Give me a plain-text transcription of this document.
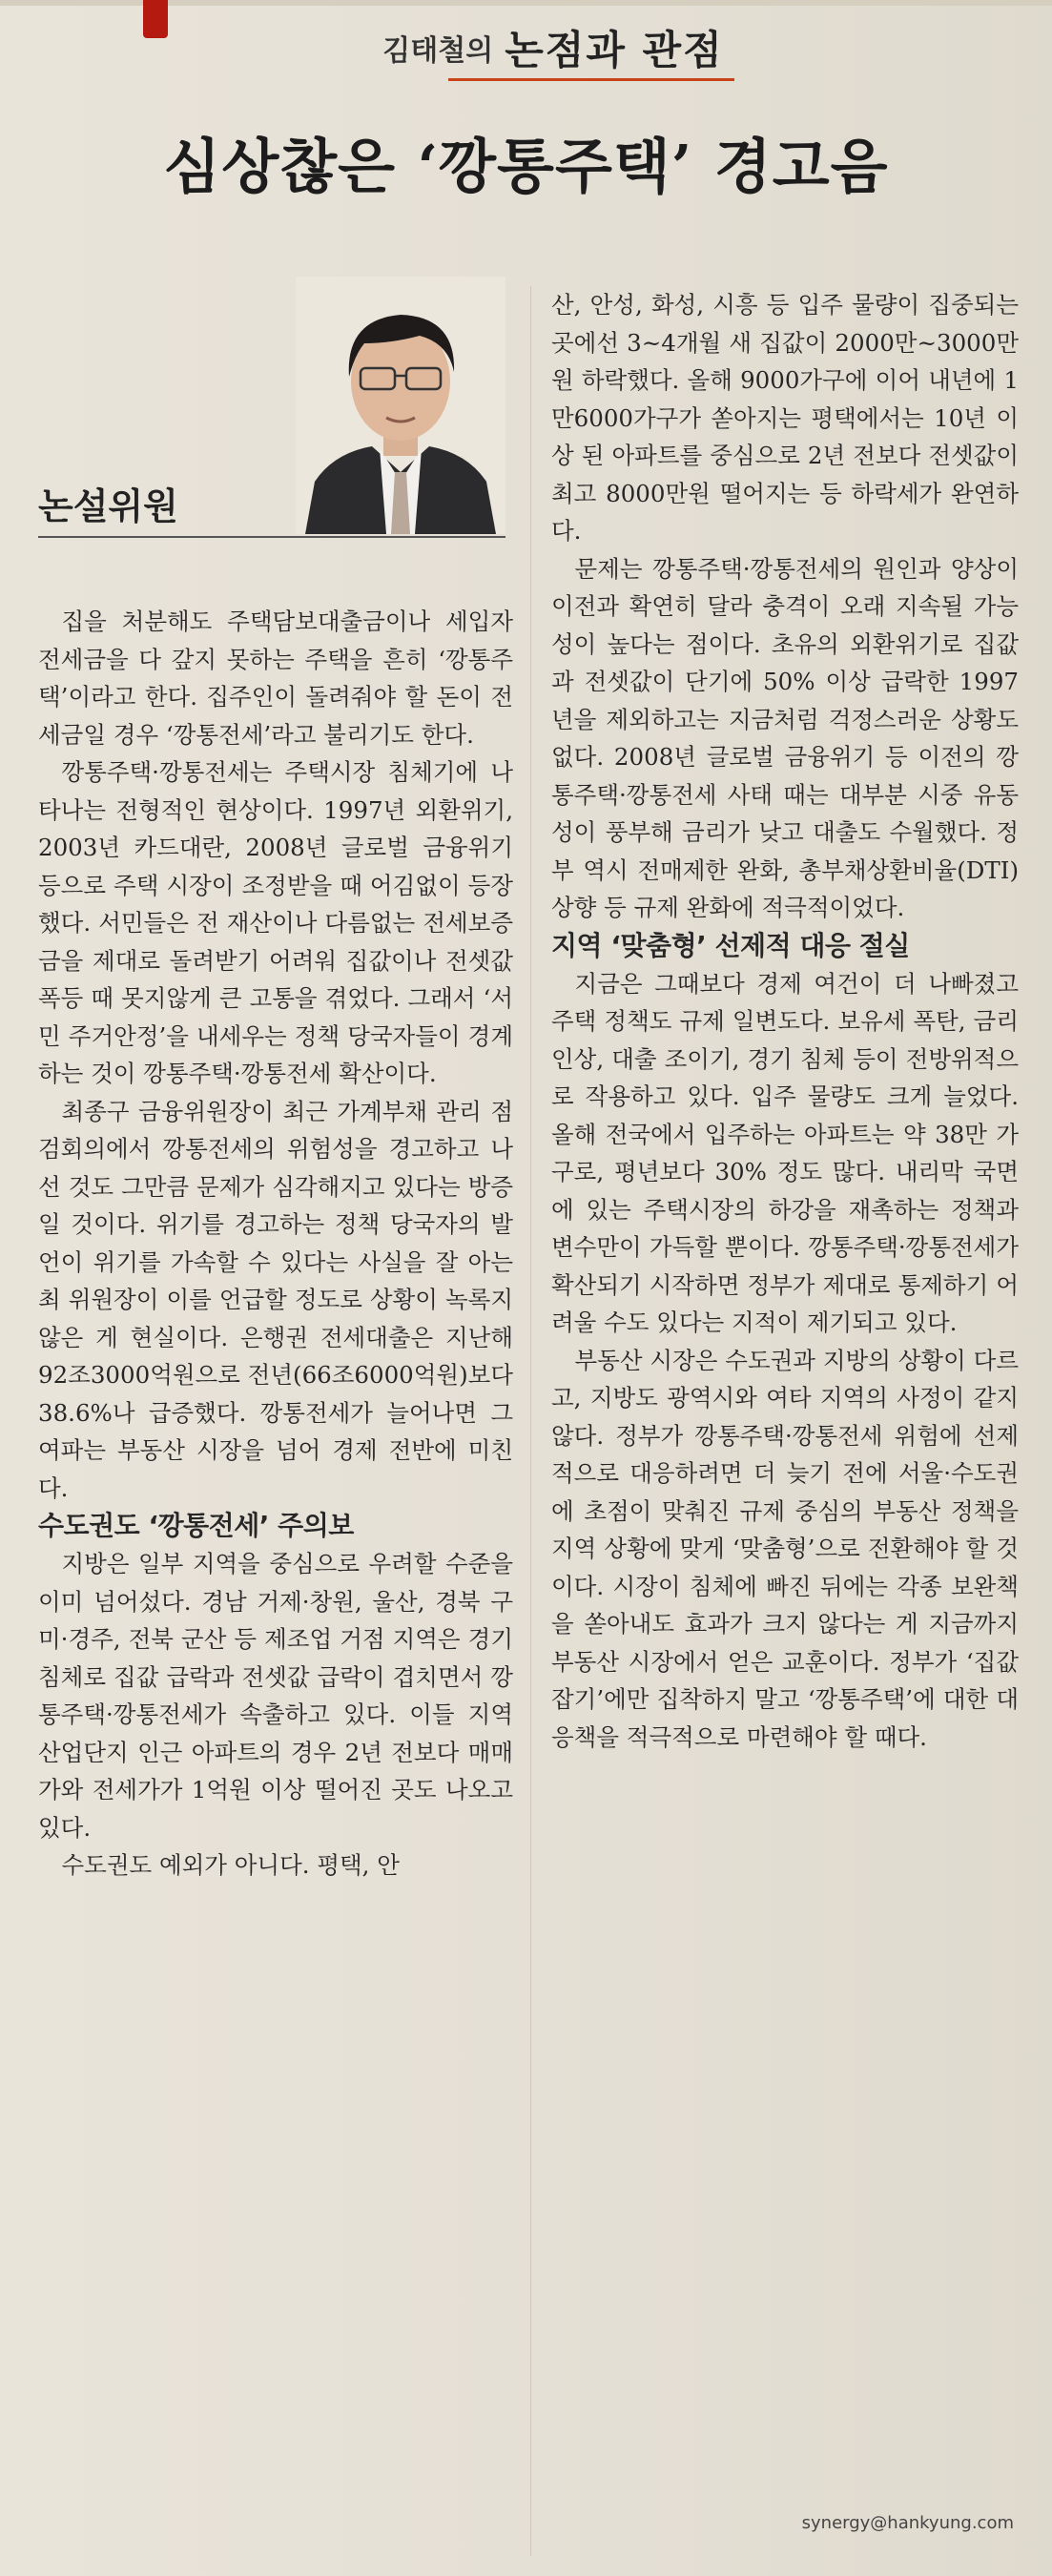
김태철의 논점과 관점
심상찮은 ‘깡통주택’ 경고음
논설위원

집을 처분해도 주택담보대출금이나 세입자 전세금을 다 갚지 못하는 주택을 흔히 ‘깡통주택’이라고 한다. 집주인이 돌려줘야 할 돈이 전세금일 경우 ‘깡통전세’라고 불리기도 한다.

깡통주택·깡통전세는 주택시장 침체기에 나타나는 전형적인 현상이다. 1997년 외환위기, 2003년 카드대란, 2008년 글로벌 금융위기 등으로 주택 시장이 조정받을 때 어김없이 등장했다. 서민들은 전 재산이나 다름없는 전세보증금을 제대로 돌려받기 어려워 집값이나 전셋값 폭등 때 못지않게 큰 고통을 겪었다. 그래서 ‘서민 주거안정’을 내세우는 정책 당국자들이 경계하는 것이 깡통주택·깡통전세 확산이다.

최종구 금융위원장이 최근 가계부채 관리 점검회의에서 깡통전세의 위험성을 경고하고 나선 것도 그만큼 문제가 심각해지고 있다는 방증일 것이다. 위기를 경고하는 정책 당국자의 발언이 위기를 가속할 수 있다는 사실을 잘 아는 최 위원장이 이를 언급할 정도로 상황이 녹록지 않은 게 현실이다. 은행권 전세대출은 지난해 92조3000억원으로 전년(66조6000억원)보다 38.6%나 급증했다. 깡통전세가 늘어나면 그 여파는 부동산 시장을 넘어 경제 전반에 미친다.

수도권도 ‘깡통전세’ 주의보

지방은 일부 지역을 중심으로 우려할 수준을 이미 넘어섰다. 경남 거제·창원, 울산, 경북 구미·경주, 전북 군산 등 제조업 거점 지역은 경기침체로 집값 급락과 전셋값 급락이 겹치면서 깡통주택·깡통전세가 속출하고 있다. 이들 지역 산업단지 인근 아파트의 경우 2년 전보다 매매가와 전세가가 1억원 이상 떨어진 곳도 나오고 있다.

수도권도 예외가 아니다. 평택, 안

산, 안성, 화성, 시흥 등 입주 물량이 집중되는 곳에선 3~4개월 새 집값이 2000만~3000만원 하락했다. 올해 9000가구에 이어 내년에 1만6000가구가 쏟아지는 평택에서는 10년 이상 된 아파트를 중심으로 2년 전보다 전셋값이 최고 8000만원 떨어지는 등 하락세가 완연하다.

문제는 깡통주택·깡통전세의 원인과 양상이 이전과 확연히 달라 충격이 오래 지속될 가능성이 높다는 점이다. 초유의 외환위기로 집값과 전셋값이 단기에 50% 이상 급락한 1997년을 제외하고는 지금처럼 걱정스러운 상황도 없다. 2008년 글로벌 금융위기 등 이전의 깡통주택·깡통전세 사태 때는 대부분 시중 유동성이 풍부해 금리가 낮고 대출도 수월했다. 정부 역시 전매제한 완화, 총부채상환비율(DTI) 상향 등 규제 완화에 적극적이었다.

지역 ‘맞춤형’ 선제적 대응 절실

지금은 그때보다 경제 여건이 더 나빠졌고 주택 정책도 규제 일변도다. 보유세 폭탄, 금리 인상, 대출 조이기, 경기 침체 등이 전방위적으로 작용하고 있다. 입주 물량도 크게 늘었다. 올해 전국에서 입주하는 아파트는 약 38만 가구로, 평년보다 30% 정도 많다. 내리막 국면에 있는 주택시장의 하강을 재촉하는 정책과 변수만이 가득할 뿐이다. 깡통주택·깡통전세가 확산되기 시작하면 정부가 제대로 통제하기 어려울 수도 있다는 지적이 제기되고 있다.

부동산 시장은 수도권과 지방의 상황이 다르고, 지방도 광역시와 여타 지역의 사정이 같지 않다. 정부가 깡통주택·깡통전세 위험에 선제적으로 대응하려면 더 늦기 전에 서울·수도권에 초점이 맞춰진 규제 중심의 부동산 정책을 지역 상황에 맞게 ‘맞춤형’으로 전환해야 할 것이다. 시장이 침체에 빠진 뒤에는 각종 보완책을 쏟아내도 효과가 크지 않다는 게 지금까지 부동산 시장에서 얻은 교훈이다. 정부가 ‘집값 잡기’에만 집착하지 말고 ‘깡통주택’에 대한 대응책을 적극적으로 마련해야 할 때다.

synergy@hankyung.com
